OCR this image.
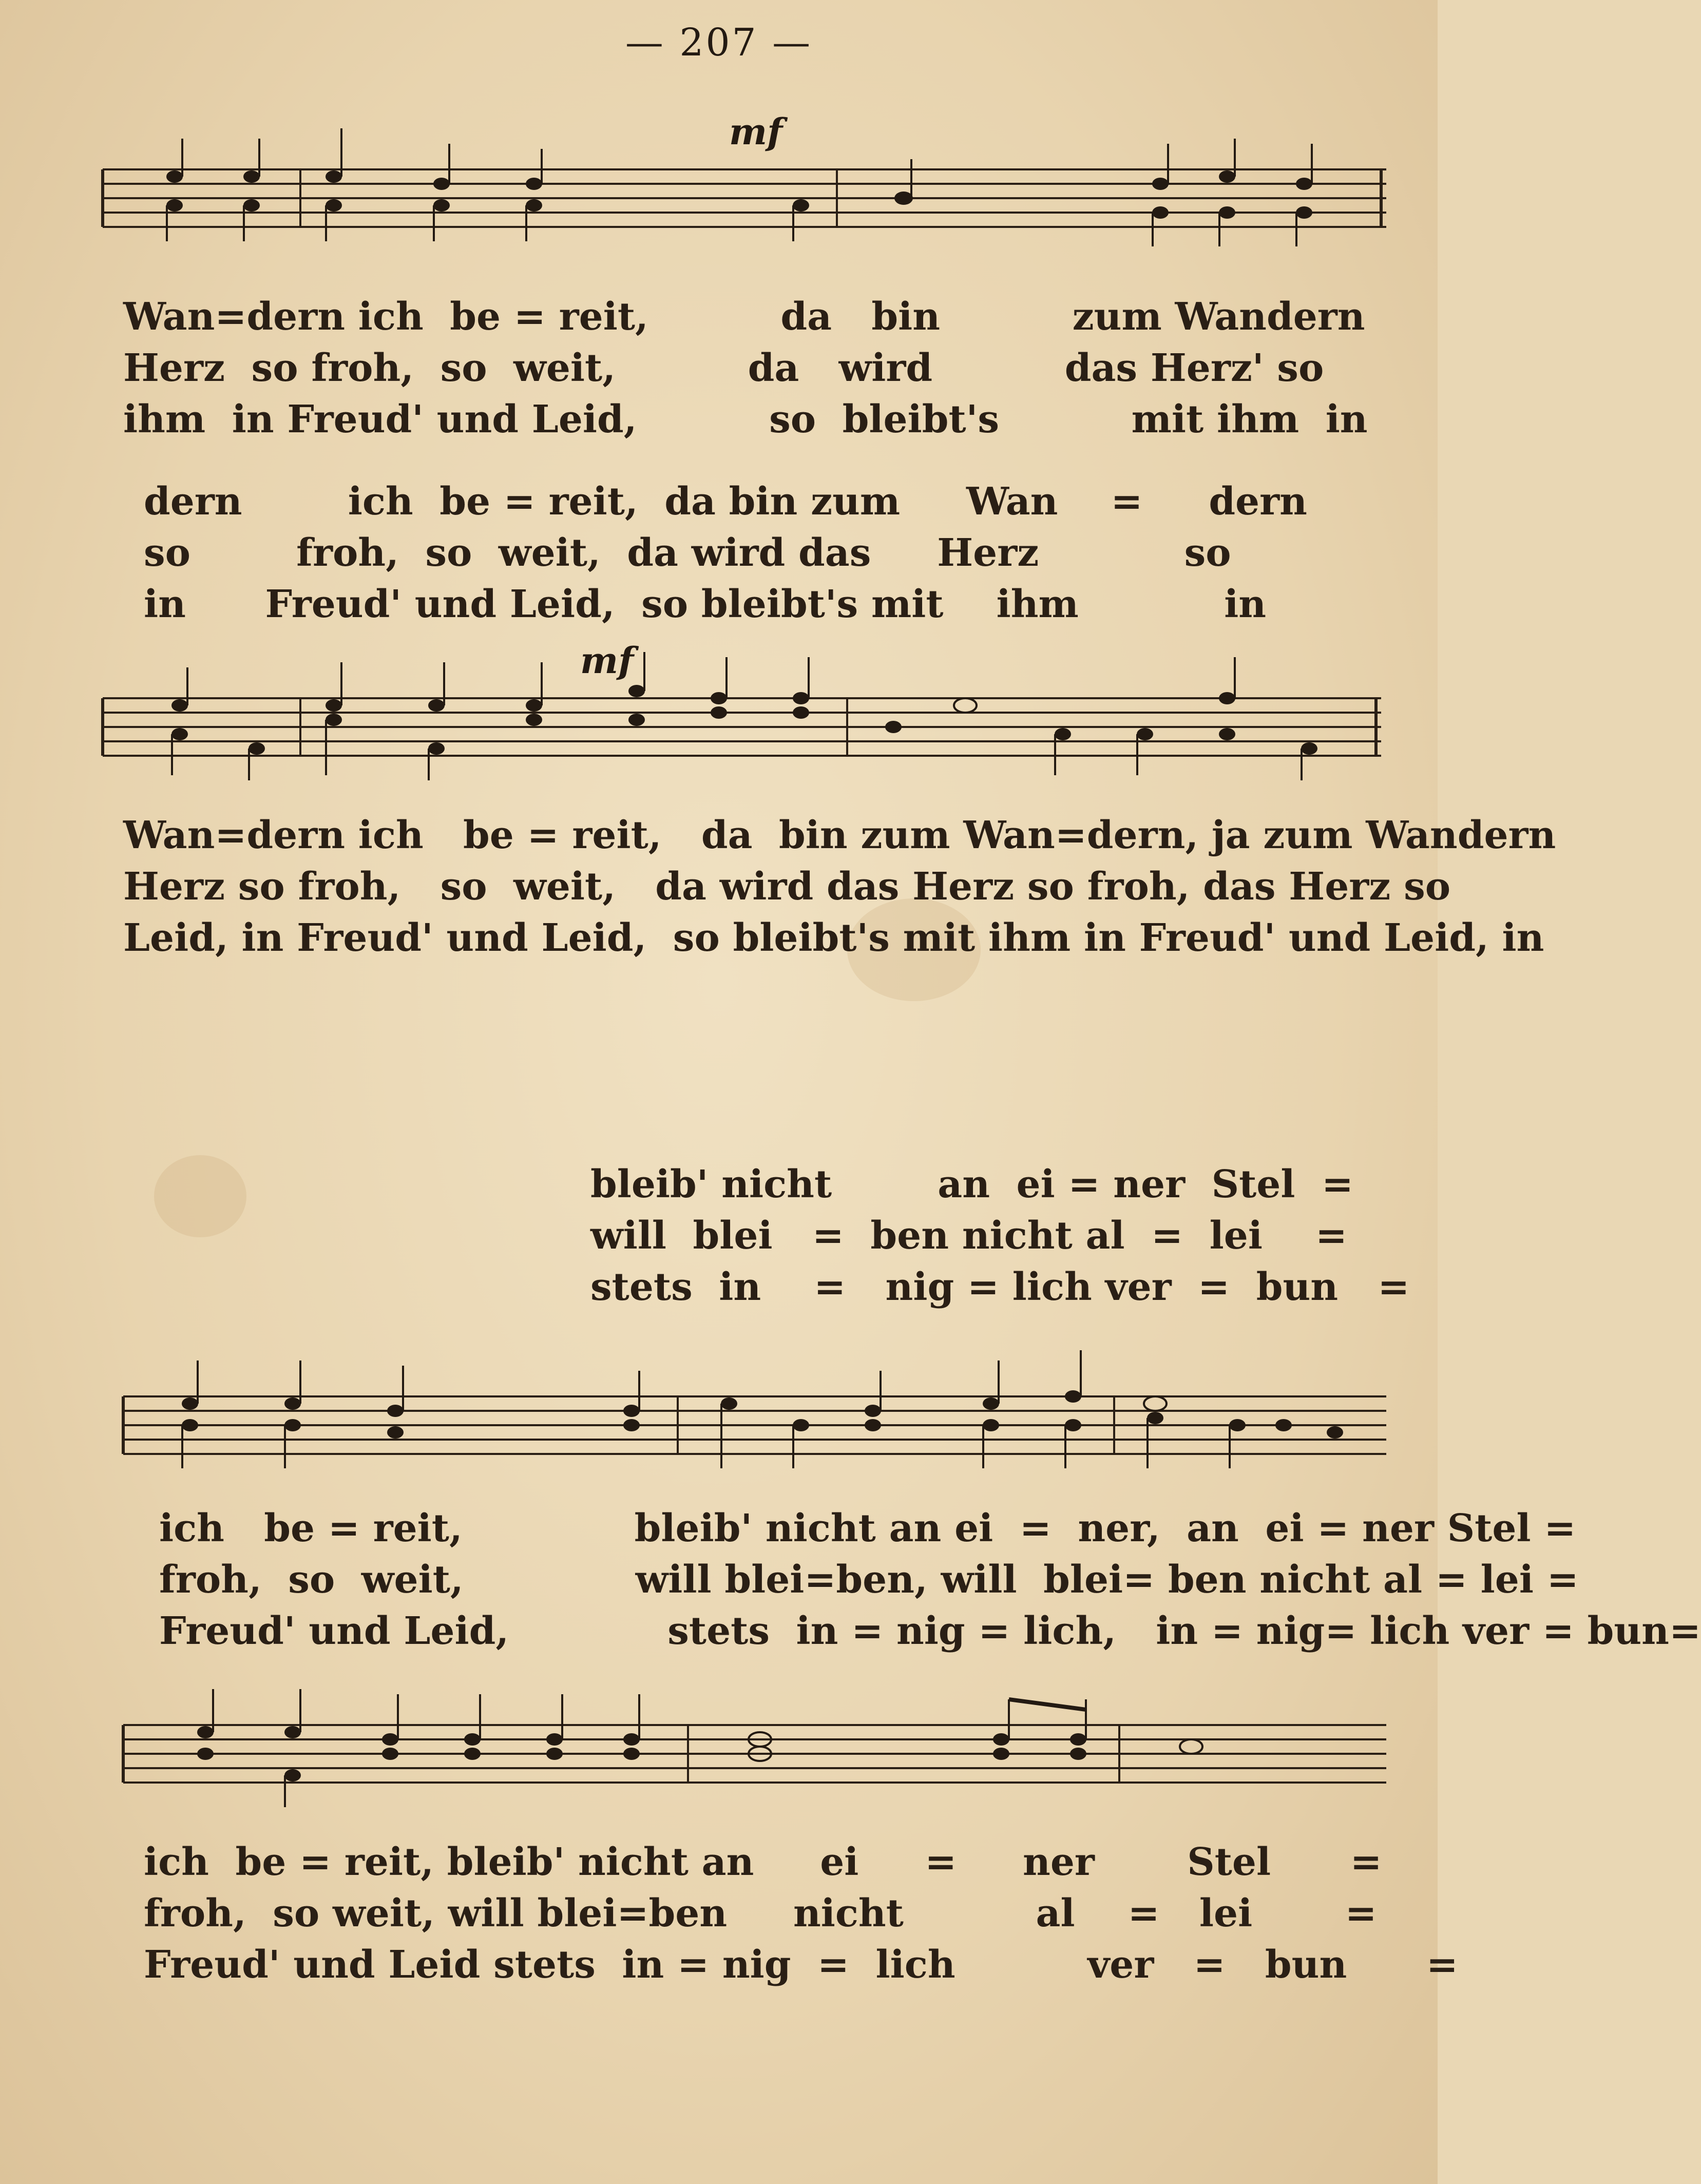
— 207 —
mf
Wan=dern ich  be = reit,          da   bin          zum Wandern
Herz  so froh,  so  weit,          da   wird          das Herz' so
ihm  in Freud' und Leid,          so  bleibt's          mit ihm  in
dern        ich  be = reit,  da bin zum     Wan    =     dern
so        froh,  so  weit,  da wird das     Herz           so
in      Freud' und Leid,  so bleibt's mit    ihm           in
mf
Wan=dern ich   be = reit,   da  bin zum Wan=dern, ja zum Wandern
Herz so froh,   so  weit,   da wird das Herz so froh, das Herz so
Leid, in Freud' und Leid,  so bleibt's mit ihm in Freud' und Leid, in
bleib' nicht        an  ei = ner  Stel  =
will  blei   =  ben nicht al  =  lei    =
stets  in    =   nig = lich ver  =  bun   =
ich   be = reit,             bleib' nicht an ei  =  ner,  an  ei = ner Stel =
froh,  so  weit,             will blei=ben, will  blei= ben nicht al = lei =
Freud' und Leid,            stets  in = nig = lich,   in = nig= lich ver = bun=
ich  be = reit, bleib' nicht an     ei     =     ner       Stel      =
froh,  so weit, will blei=ben     nicht          al    =   lei       =
Freud' und Leid stets  in = nig  =  lich          ver   =   bun      =
